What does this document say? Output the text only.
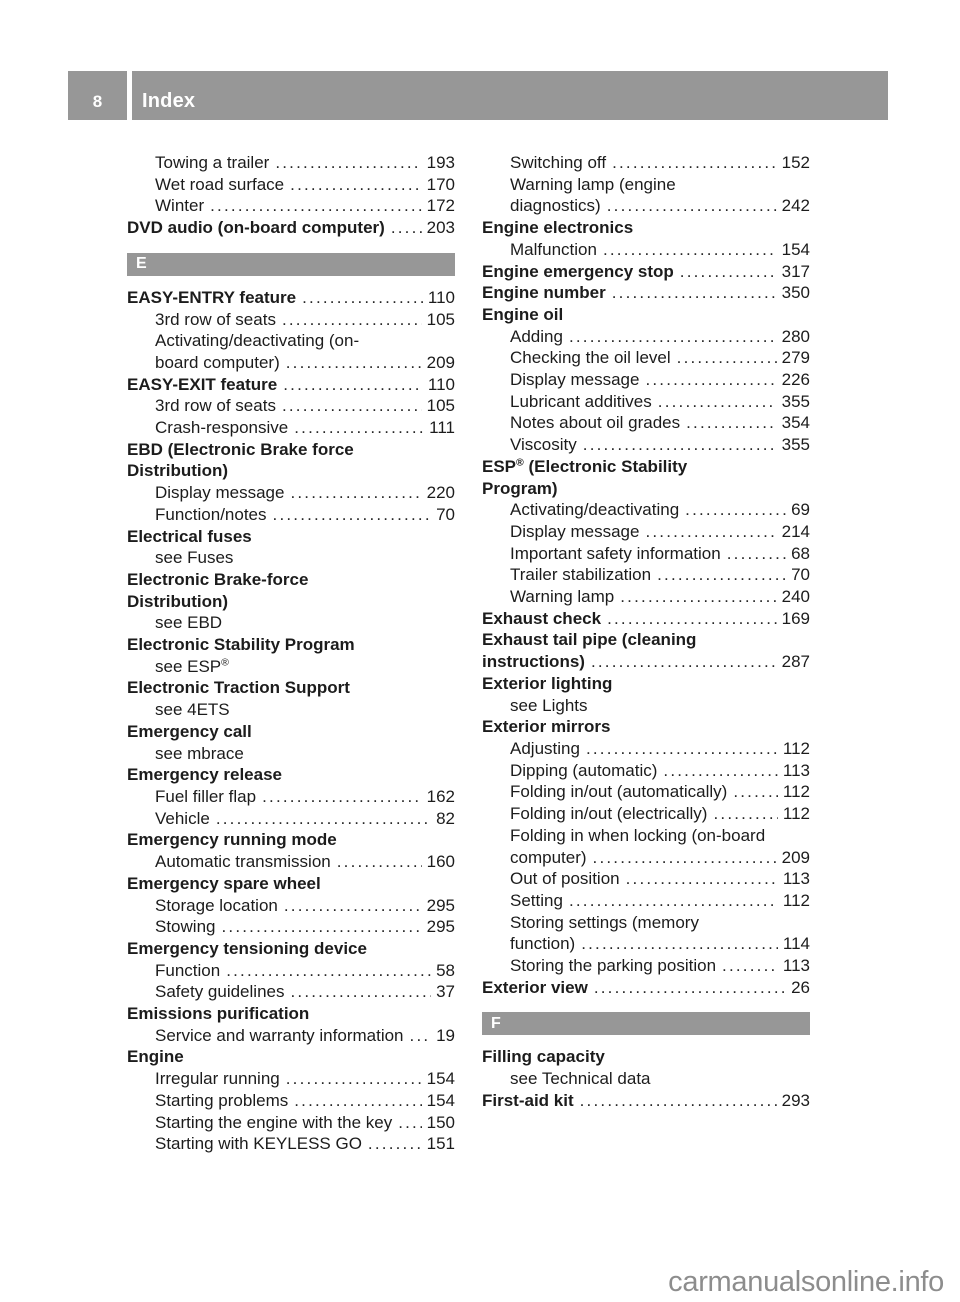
8 Index
Towing a trailer .....	193
Wet road surface .....	170
Winter .....	172
DVD audio (on-board computer) ..... 203
E
EASY-ENTRY feature .....	110
3rd row of seats .....	105
Activating/deactivating (on-
board computer) .....	209
EASY-EXIT feature .....	110
3rd row of seats .....	105
Crash-responsive .....	111
EBD (Electronic Brake force
Distribution)
Display message .....	220
Function/notes .....	70
Electrical fuses
see Fuses
Electronic Brake-force
Distribution)
see EBD
Electronic Stability Program
see ESP®
Electronic Traction Support
see 4ETS
Emergency call
see mbrace
Emergency release
Fuel filler flap .....	162
Vehicle .....	82
Emergency running mode
Automatic transmission .....	160
Emergency spare wheel
Storage location .....	295
Stowing .....	295
Emergency tensioning device
Function .....	58
Safety guidelines .....	37
Emissions purification
Service and warranty information ..... 19
Engine
Irregular running .....	154
Starting problems .....	154
Starting the engine with the key ..... 150
Starting with KEYLESS GO .....	151
Switching off .....	152
Warning lamp (engine
diagnostics) .....	242
Engine electronics
Malfunction .....	154
Engine emergency stop .....	317
Engine number .....	350
Engine oil
Adding .....	280
Checking the oil level .....	279
Display message .....	226
Lubricant additives .....	355
Notes about oil grades .....	354
Viscosity .....	355
ESP® (Electronic Stability
Program)
Activating/deactivating .....	69
Display message .....	214
Important safety information .....	68
Trailer stabilization .....	70
Warning lamp .....	240
Exhaust check .....	169
Exhaust tail pipe (cleaning
instructions) .....	287
Exterior lighting
see Lights
Exterior mirrors
Adjusting .....	112
Dipping (automatic) .....	113
Folding in/out (automatically) .....	112
Folding in/out (electrically) .....	112
Folding in when locking (on-board
computer) .....	209
Out of position .....	113
Setting .....	112
Storing settings (memory
function) .....	114
Storing the parking position .....	113
Exterior view .....	26
F
Filling capacity
see Technical data
First-aid kit .....	293
carmanualsonline.info
